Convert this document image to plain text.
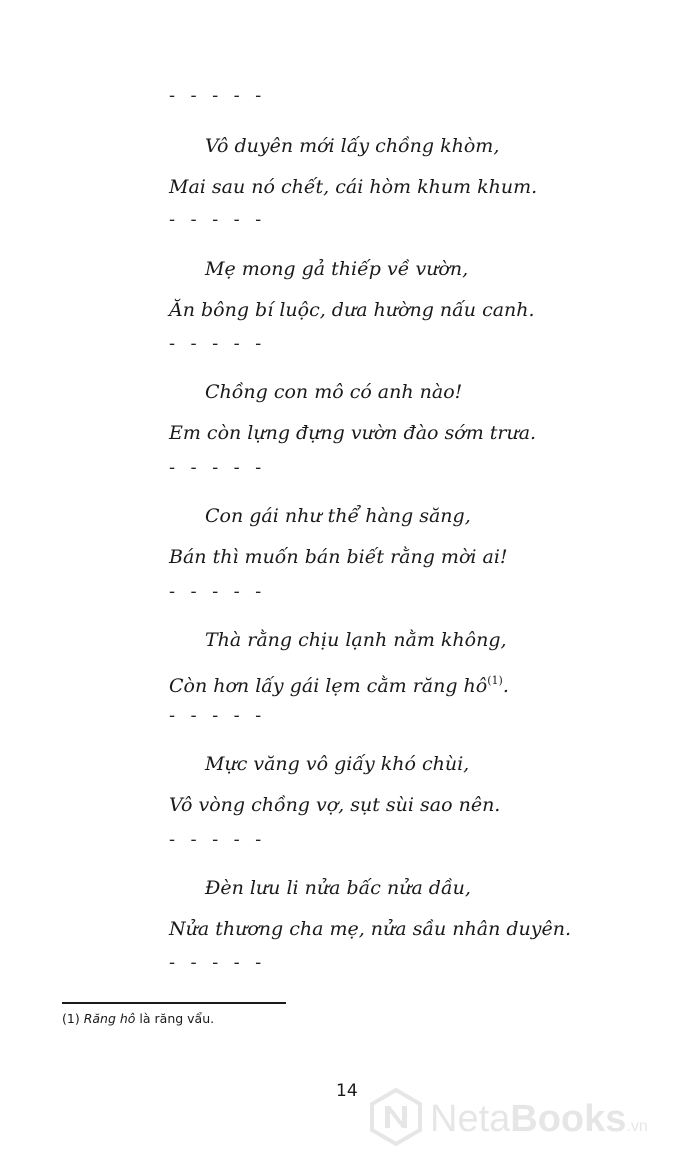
- - - - -
Vô duyên mới lấy chồng khòm,
Mai sau nó chết, cái hòm khum khum.
- - - - -
Mẹ mong gả thiếp về vườn,
Ăn bông bí luộc, dưa hường nấu canh.
- - - - -
Chồng con mô có anh nào!
Em còn lựng đựng vườn đào sớm trưa.
- - - - -
Con gái như thể hàng săng,
Bán thì muốn bán biết rằng mời ai!
- - - - -
Thà rằng chịu lạnh nằm không,
Còn hơn lấy gái lẹm cằm răng hô$^{(1)}$.
- - - - -
Mực văng vô giấy khó chùi,
Vô vòng chồng vợ, sụt sùi sao nên.
- - - - -
Đèn lưu li nửa bấc nửa dầu,
Nửa thương cha mẹ, nửa sầu nhân duyên.
- - - - -
(1) Răng hô là răng vẩu.
14
NetaBooks.vn
